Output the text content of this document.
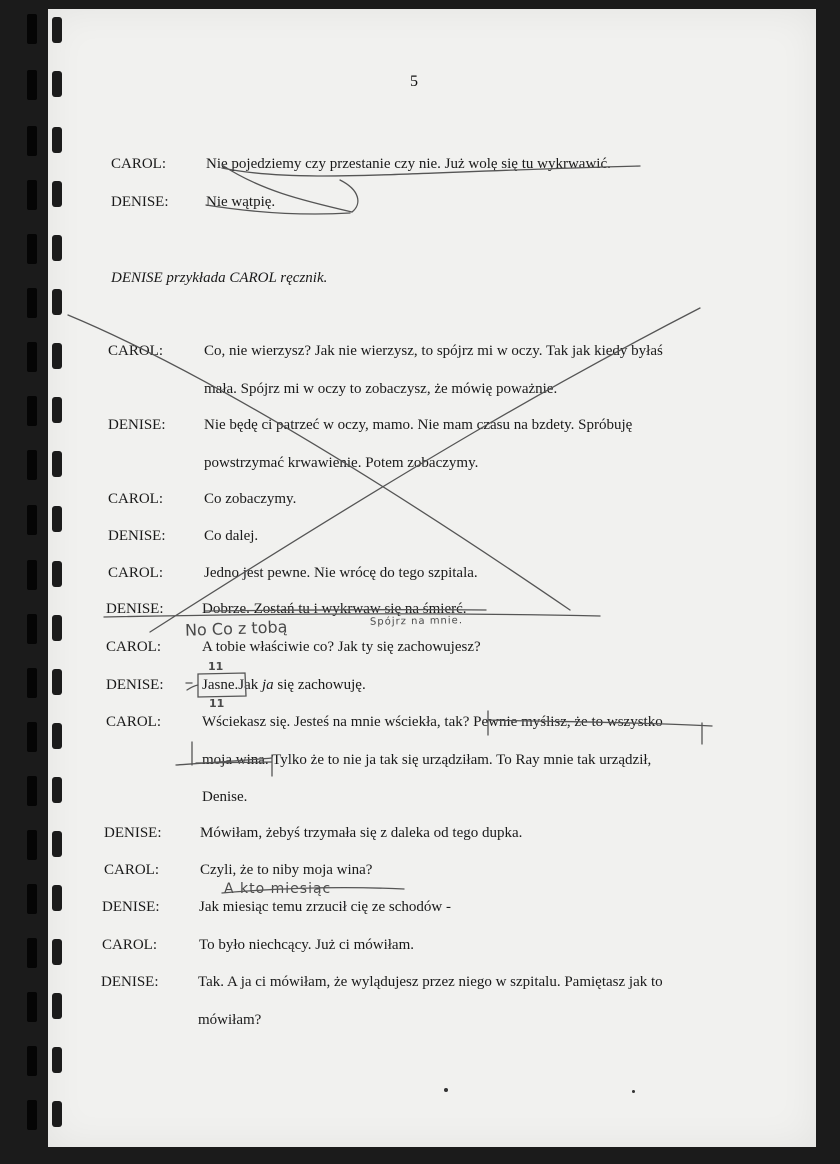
5
CAROL:	Nie pojedziemy czy przestanie czy nie. Już wolę się tu wykrwawić.
DENISE:	Nie wątpię.
DENISE przykłada CAROL ręcznik.
CAROL:	Co, nie wierzysz? Jak nie wierzysz, to spójrz mi w oczy. Tak jak kiedy byłaś
mała. Spójrz mi w oczy to zobaczysz, że mówię poważnie.
DENISE:	Nie będę ci patrzeć w oczy, mamo. Nie mam czasu na bzdety. Spróbuję
powstrzymać krwawienie. Potem zobaczymy.
CAROL:	Co zobaczymy.
DENISE:	Co dalej.
CAROL:	Jedno jest pewne. Nie wrócę do tego szpitala.
DENISE:	Dobrze. Zostań tu i wykrwaw się na śmierć.
CAROL:	A tobie właściwie co? Jak ty się zachowujesz?
DENISE:	Jasne.Jak ja się zachowuję.
CAROL:	Wściekasz się. Jesteś na mnie wściekła, tak? Pewnie myślisz, że to wszystko
moja wina. Tylko że to nie ja tak się urządziłam. To Ray mnie tak urządził,
Denise.
DENISE:	Mówiłam, żebyś trzymała się z daleka od tego dupka.
CAROL:	Czyli, że to niby moja wina?
DENISE:	Jak miesiąc temu zrzucił cię ze schodów -
CAROL:	To było niechcący. Już ci mówiłam.
DENISE:	Tak. A ja ci mówiłam, że wylądujesz przez niego w szpitalu. Pamiętasz jak to
mówiłam?
No Co z tobą	Spójrz na mnie.
A kto miesiąc
11
11
